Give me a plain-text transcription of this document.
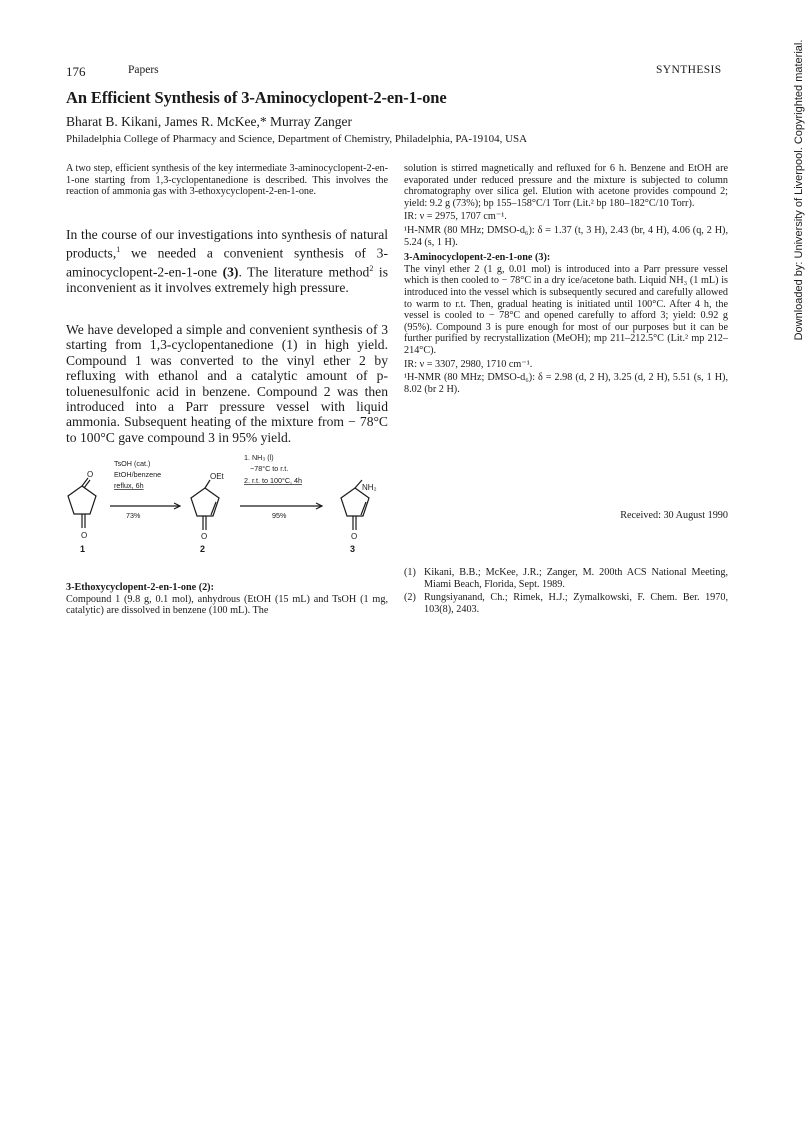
176	Papers	SYNTHESIS
An Efficient Synthesis of 3-Aminocyclopent-2-en-1-one
Bharat B. Kikani, James R. McKee,* Murray Zanger
Philadelphia College of Pharmacy and Science, Department of Chemistry, Philadelphia, PA-19104, USA
A two step, efficient synthesis of the key intermediate 3-aminocyclopent-2-en-1-one starting from 1,3-cyclopentanedione is described. This involves the reaction of ammonia gas with 3-ethoxycyclopent-2-en-1-one.
In the course of our investigations into synthesis of natural products,$^1$ we needed a convenient synthesis of 3-aminocyclopent-2-en-1-one (3). The literature method$^2$ is inconvenient as it involves extremely high pressure.
We have developed a simple and convenient synthesis of 3 starting from 1,3-cyclopentanedione (1) in high yield. Compound 1 was converted to the vinyl ether 2 by refluxing with ethanol and a catalytic amount of p-toluenesulfonic acid in benzene. Compound 2 was then introduced into a Parr pressure vessel with liquid ammonia. Subsequent heating of the mixture from − 78°C to 100°C gave compound 3 in 95% yield.
O
O
1
TsOH (cat.)
EtOH/benzene
reflux, 6h
73%
OEt
O
2
1. NH₃ (l)
−78°C to r.t.
2. r.t. to 100°C, 4h
95%
NH₂
O
3

3-Ethoxycyclopent-2-en-1-one (2):

Compound 1 (9.8 g, 0.1 mol), anhydrous (EtOH (15 mL) and TsOH (1 mg, catalytic) are dissolved in benzene (100 mL). The

solution is stirred magnetically and refluxed for 6 h. Benzene and EtOH are evaporated under reduced pressure and the mixture is subjected to column chromatography over silica gel. Elution with acetone provides compound 2; yield: 9.2 g (73%); bp 155–158°C/1 Torr (Lit.² bp 180–182°C/10 Torr).

IR: ν = 2975, 1707 cm⁻¹.

¹H-NMR (80 MHz; DMSO-d₆): δ = 1.37 (t, 3 H), 2.43 (br, 4 H), 4.06 (q, 2 H), 5.24 (s, 1 H).

3-Aminocyclopent-2-en-1-one (3):

The vinyl ether 2 (1 g, 0.01 mol) is introduced into a Parr pressure vessel which is then cooled to − 78°C in a dry ice/acetone bath. Liquid NH₃ (1 mL) is introduced into the vessel which is subsequently secured and carefully allowed to warm to r.t. Then, gradual heating is initiated until 100°C. After 4 h, the vessel is cooled to − 78°C and opened carefully to afford 3; yield: 0.92 g (95%). Compound 3 is pure enough for most of our purposes but it can be further purified by recrystallization (MeOH); mp 211–212.5°C (Lit.² mp 212–214°C).

IR: ν = 3307, 2980, 1710 cm⁻¹.

¹H-NMR (80 MHz; DMSO-d₆): δ = 2.98 (d, 2 H), 3.25 (d, 2 H), 5.51 (s, 1 H), 8.02 (br 2 H).

Received: 30 August 1990
(1) Kikani, B.B.; McKee, J.R.; Zanger, M. 200th ACS National Meeting, Miami Beach, Florida, Sept. 1989.
(2) Rungsiyanand, Ch.; Rimek, H.J.; Zymalkowski, F. Chem. Ber. 1970, 103(8), 2403.
Downloaded by: University of Liverpool. Copyrighted material.
